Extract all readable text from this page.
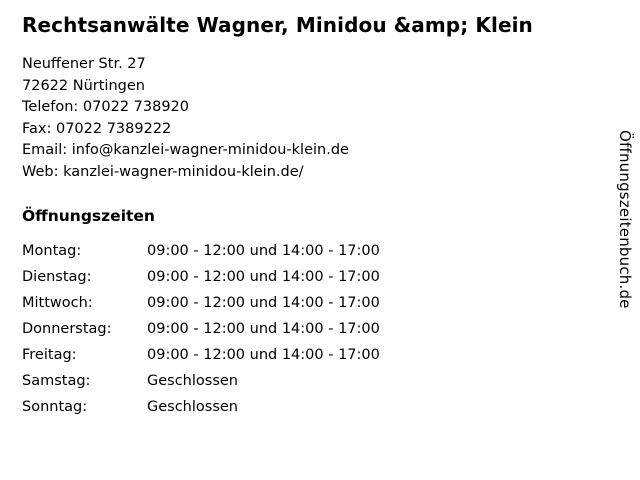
Rechtsanwälte Wagner, Minidou &amp; Klein
Neuffener Str. 27
72622 Nürtingen
Telefon: 07022 738920
Fax: 07022 7389222
Email: info@kanzlei-wagner-minidou-klein.de
Web: kanzlei-wagner-minidou-klein.de/
Öffnungszeiten
Montag:	09:00 - 12:00 und 14:00 - 17:00
Dienstag:	09:00 - 12:00 und 14:00 - 17:00
Mittwoch:	09:00 - 12:00 und 14:00 - 17:00
Donnerstag:	09:00 - 12:00 und 14:00 - 17:00
Freitag:	09:00 - 12:00 und 14:00 - 17:00
Samstag:	Geschlossen
Sonntag:	Geschlossen
Öffnungszeitenbuch.de
